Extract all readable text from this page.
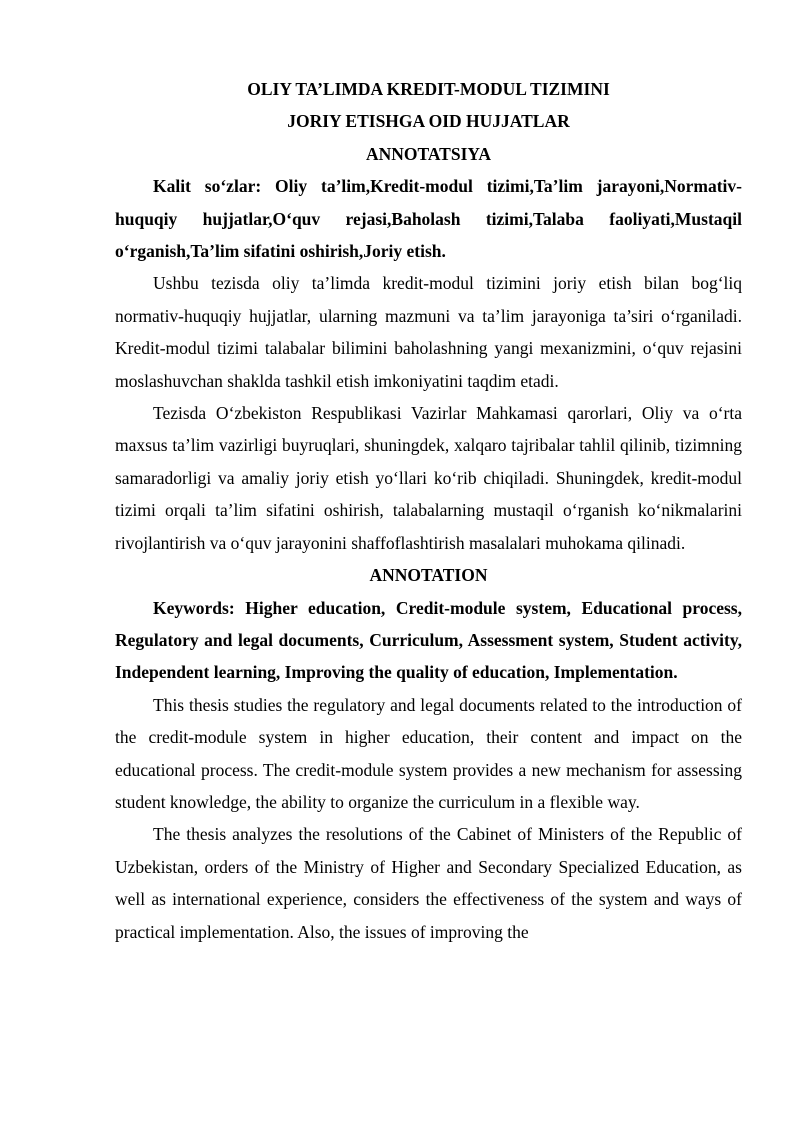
OLIY TA’LIMDA KREDIT-MODUL TIZIMINI

JORIY ETISHGA OID HUJJATLAR

ANNOTATSIYA

Kalit so‘zlar: Oliy ta’lim,Kredit-modul tizimi,Ta’lim jarayoni,Normativ-huquqiy hujjatlar,O‘quv rejasi,Baholash tizimi,Talaba faoliyati,Mustaqil o‘rganish,Ta’lim sifatini oshirish,Joriy etish.

Ushbu tezisda oliy ta’limda kredit-modul tizimini joriy etish bilan bog‘liq normativ-huquqiy hujjatlar, ularning mazmuni va ta’lim jarayoniga ta’siri o‘rganiladi. Kredit-modul tizimi talabalar bilimini baholashning yangi mexanizmini, o‘quv rejasini moslashuvchan shaklda tashkil etish imkoniyatini taqdim etadi.

Tezisda O‘zbekiston Respublikasi Vazirlar Mahkamasi qarorlari, Oliy va o‘rta maxsus ta’lim vazirligi buyruqlari, shuningdek, xalqaro tajribalar tahlil qilinib, tizimning samaradorligi va amaliy joriy etish yo‘llari ko‘rib chiqiladi. Shuningdek, kredit-modul tizimi orqali ta’lim sifatini oshirish, talabalarning mustaqil o‘rganish ko‘nikmalarini rivojlantirish va o‘quv jarayonini shaffoflashtirish masalalari muhokama qilinadi.

ANNOTATION

Keywords: Higher education, Credit-module system, Educational process, Regulatory and legal documents, Curriculum, Assessment system, Student activity, Independent learning, Improving the quality of education, Implementation.

This thesis studies the regulatory and legal documents related to the introduction of the credit-module system in higher education, their content and impact on the educational process. The credit-module system provides a new mechanism for assessing student knowledge, the ability to organize the curriculum in a flexible way.

The thesis analyzes the resolutions of the Cabinet of Ministers of the Republic of Uzbekistan, orders of the Ministry of Higher and Secondary Specialized Education, as well as international experience, considers the effectiveness of the system and ways of practical implementation. Also, the issues of improving the
